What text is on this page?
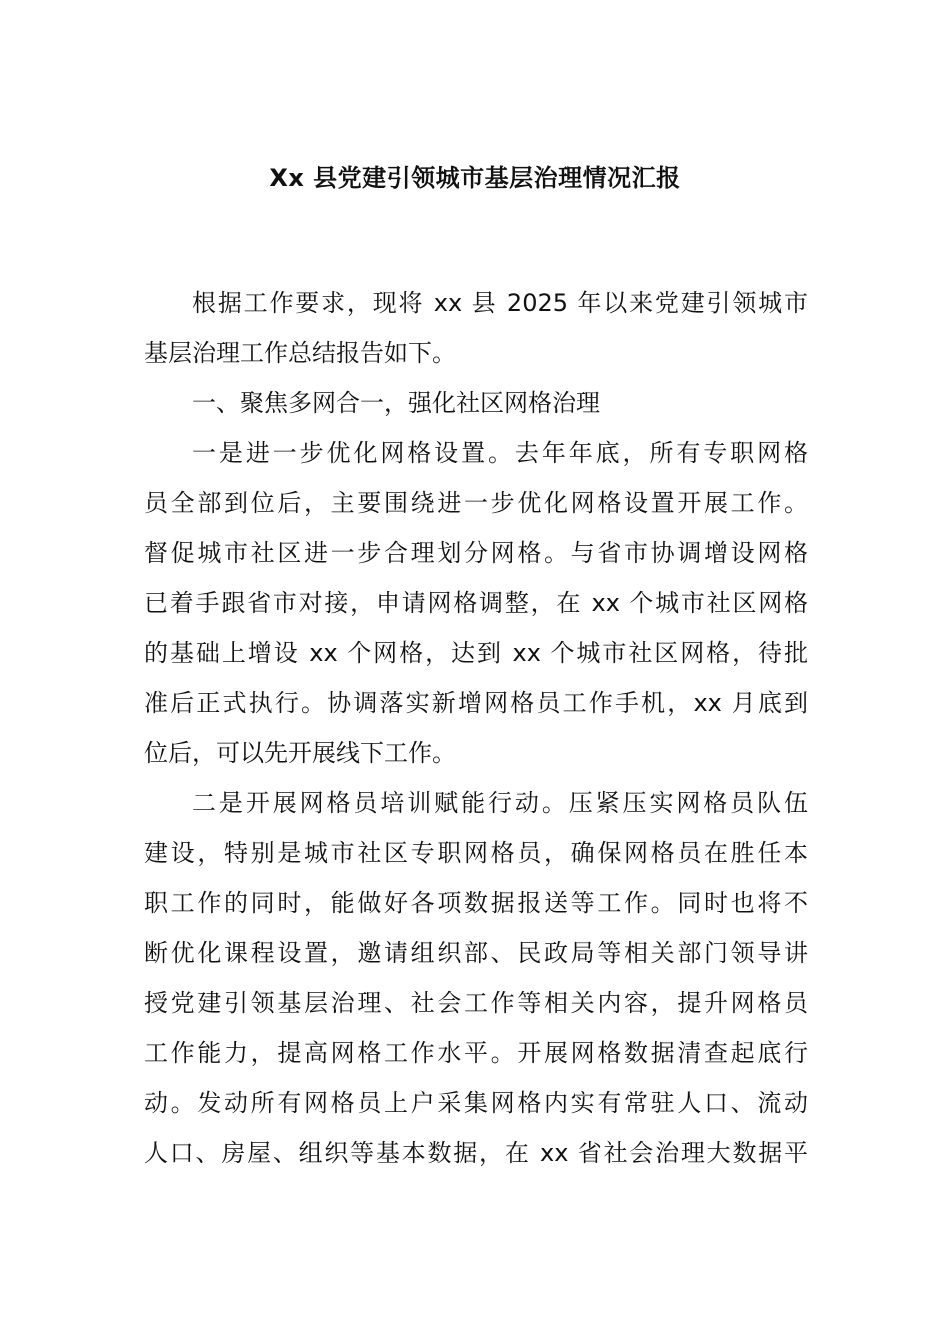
Xx 县党建引领城市基层治理情况汇报
根据工作要求，现将 xx 县 2025 年以来党建引领城市
基层治理工作总结报告如下。
一、聚焦多网合一，强化社区网格治理
一是进一步优化网格设置。去年年底，所有专职网格
员全部到位后，主要围绕进一步优化网格设置开展工作。
督促城市社区进一步合理划分网格。与省市协调增设网格
已着手跟省市对接，申请网格调整，在 xx 个城市社区网格
的基础上增设 xx 个网格，达到 xx 个城市社区网格，待批
准后正式执行。协调落实新增网格员工作手机，xx 月底到
位后，可以先开展线下工作。
二是开展网格员培训赋能行动。压紧压实网格员队伍
建设，特别是城市社区专职网格员，确保网格员在胜任本
职工作的同时，能做好各项数据报送等工作。同时也将不
断优化课程设置，邀请组织部、民政局等相关部门领导讲
授党建引领基层治理、社会工作等相关内容，提升网格员
工作能力，提高网格工作水平。开展网格数据清查起底行
动。发动所有网格员上户采集网格内实有常驻人口、流动
人口、房屋、组织等基本数据，在 xx 省社会治理大数据平
